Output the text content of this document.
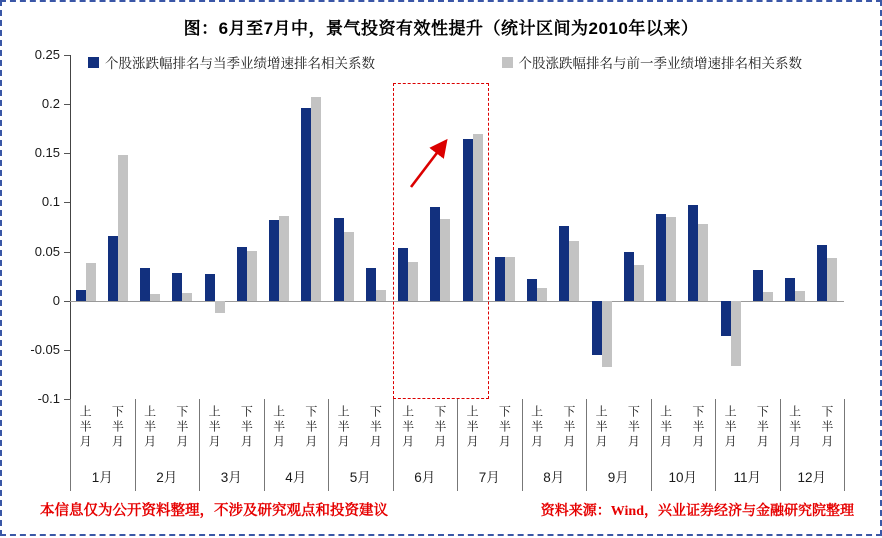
图：6月至7月中，景气投资有效性提升（统计区间为2010年以来）
个股涨跌幅排名与当季业绩增速排名相关系数	个股涨跌幅排名与前一季业绩增速排名相关系数
0.25
0.2
0.15
0.1
0.05
0
-0.05
-0.1
上半月 下半月 上半月 下半月 上半月 下半月 上半月 下半月 上半月 下半月 上半月 下半月 上半月 下半月 上半月 下半月 上半月 下半月 上半月 下半月 上半月 下半月 上半月 下半月
1月	2月	3月	4月	5月	6月	7月	8月	9月	10月	11月	12月
本信息仅为公开资料整理，不涉及研究观点和投资建议	资料来源：Wind，兴业证券经济与金融研究院整理
